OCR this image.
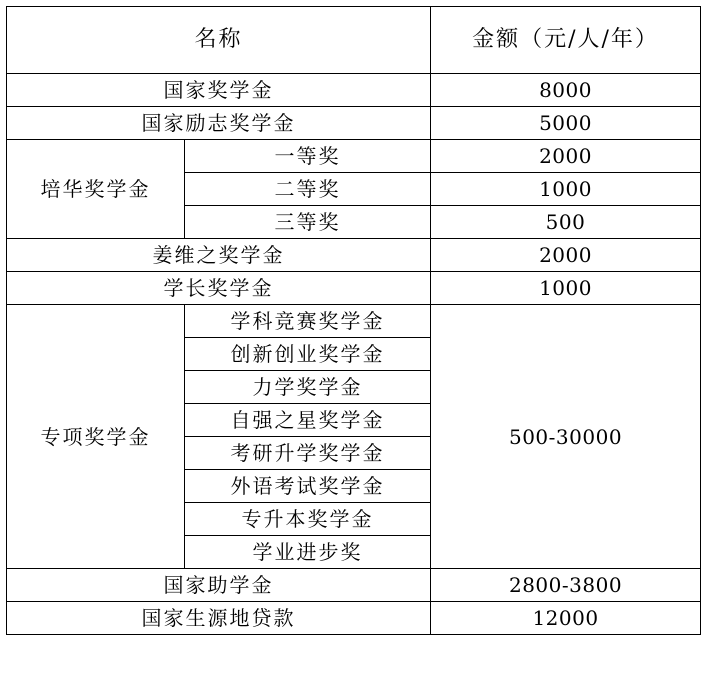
名称		金额（元/人/年）
国家奖学金		8000
国家励志奖学金		5000
培华奖学金	一等奖	2000
	二等奖	1000
	三等奖	500
姜维之奖学金		2000
学长奖学金		1000
专项奖学金	学科竞赛奖学金	500-30000
	创新创业奖学金	
	力学奖学金	
	自强之星奖学金	
	考研升学奖学金	
	外语考试奖学金	
	专升本奖学金	
	学业进步奖	
国家助学金		2800-3800
国家生源地贷款		12000
